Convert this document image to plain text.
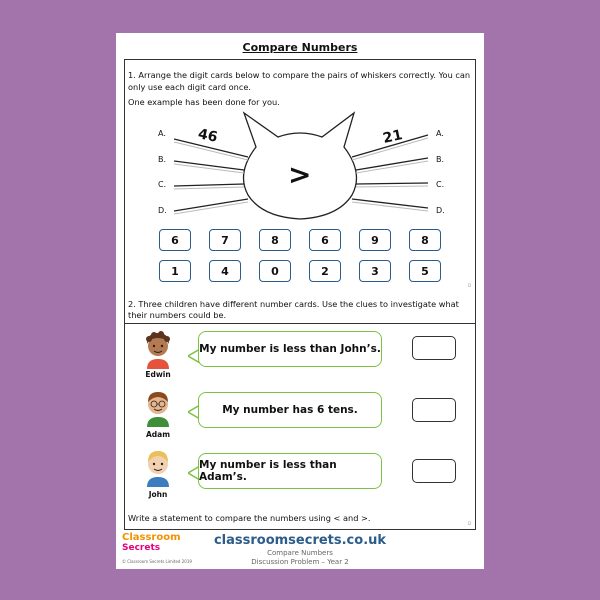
Compare Numbers
1. Arrange the digit cards below to compare the pairs of whiskers correctly. You can only use each digit card once.
One example has been done for you.
A.
B.
C.
D.
A.
B.
C.
D.
46	21
>
6	7	8	6	9	8
1	4	0	2	3	5
D
2. Three children have different number cards. Use the clues to investigate what their numbers could be.
Edwin
My number is less than John’s.
Adam
My number has 6 tens.
John
My number is less than Adam’s.
Write a statement to compare the numbers using < and >.
D
Classroom
Secrets
© Classroom Secrets Limited 2019
classroomsecrets.co.uk
Compare Numbers
Discussion Problem – Year 2
